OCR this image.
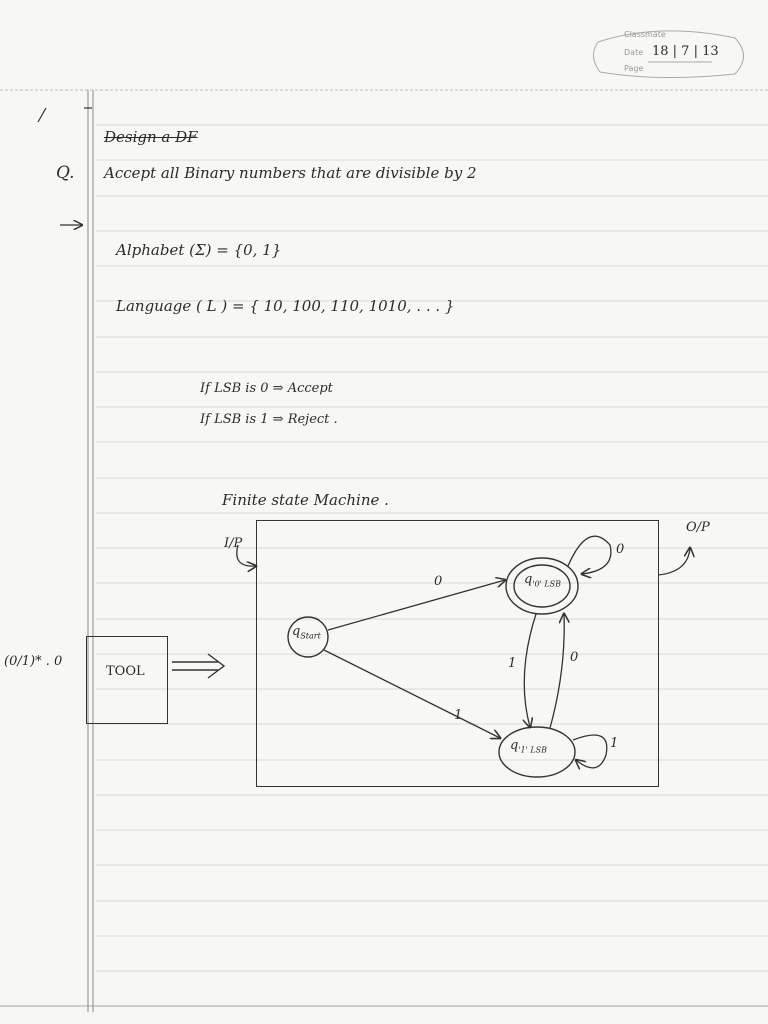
Classmate
Date 18 | 7 | 13
Page
Design a DF
Q. Accept all Binary numbers that are divisible by 2
Alphabet (Σ) = {0, 1}
Language ( L ) = { 10, 100, 110, 1010, . . . }
If LSB is 0 ⇒ Accept
If LSB is 1 ⇒ Reject .
Finite state Machine .
I/P
O/P
(0/1)* . 0
TOOL
$q_{Start}$
$q_{'0' LSB}$
$q_{'1' LSB}$
0
1
0
1
1	0
